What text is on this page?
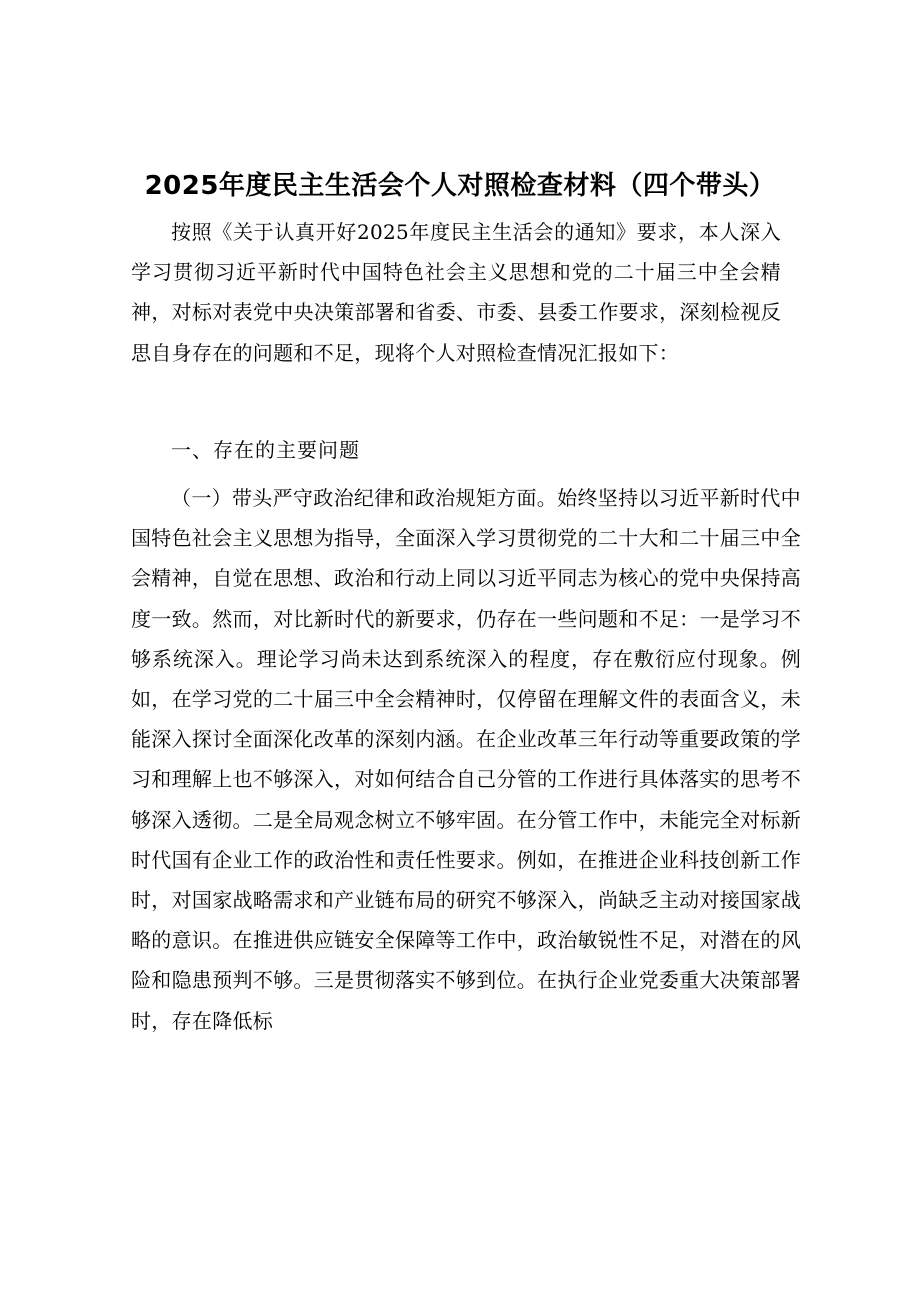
2025年度民主生活会个人对照检查材料（四个带头）

按照《关于认真开好2025年度民主生活会的通知》要求，本人深入学习贯彻习近平新时代中国特色社会主义思想和党的二十届三中全会精神，对标对表党中央决策部署和省委、市委、县委工作要求，深刻检视反思自身存在的问题和不足，现将个人对照检查情况汇报如下：

一、存在的主要问题

（一）带头严守政治纪律和政治规矩方面。始终坚持以习近平新时代中国特色社会主义思想为指导，全面深入学习贯彻党的二十大和二十届三中全会精神，自觉在思想、政治和行动上同以习近平同志为核心的党中央保持高度一致。然而，对比新时代的新要求，仍存在一些问题和不足：一是学习不够系统深入。理论学习尚未达到系统深入的程度，存在敷衍应付现象。例如，在学习党的二十届三中全会精神时，仅停留在理解文件的表面含义，未能深入探讨全面深化改革的深刻内涵。在企业改革三年行动等重要政策的学习和理解上也不够深入，对如何结合自己分管的工作进行具体落实的思考不够深入透彻。二是全局观念树立不够牢固。在分管工作中，未能完全对标新时代国有企业工作的政治性和责任性要求。例如，在推进企业科技创新工作时，对国家战略需求和产业链布局的研究不够深入，尚缺乏主动对接国家战略的意识。在推进供应链安全保障等工作中，政治敏锐性不足，对潜在的风险和隐患预判不够。三是贯彻落实不够到位。在执行企业党委重大决策部署时，存在降低标
